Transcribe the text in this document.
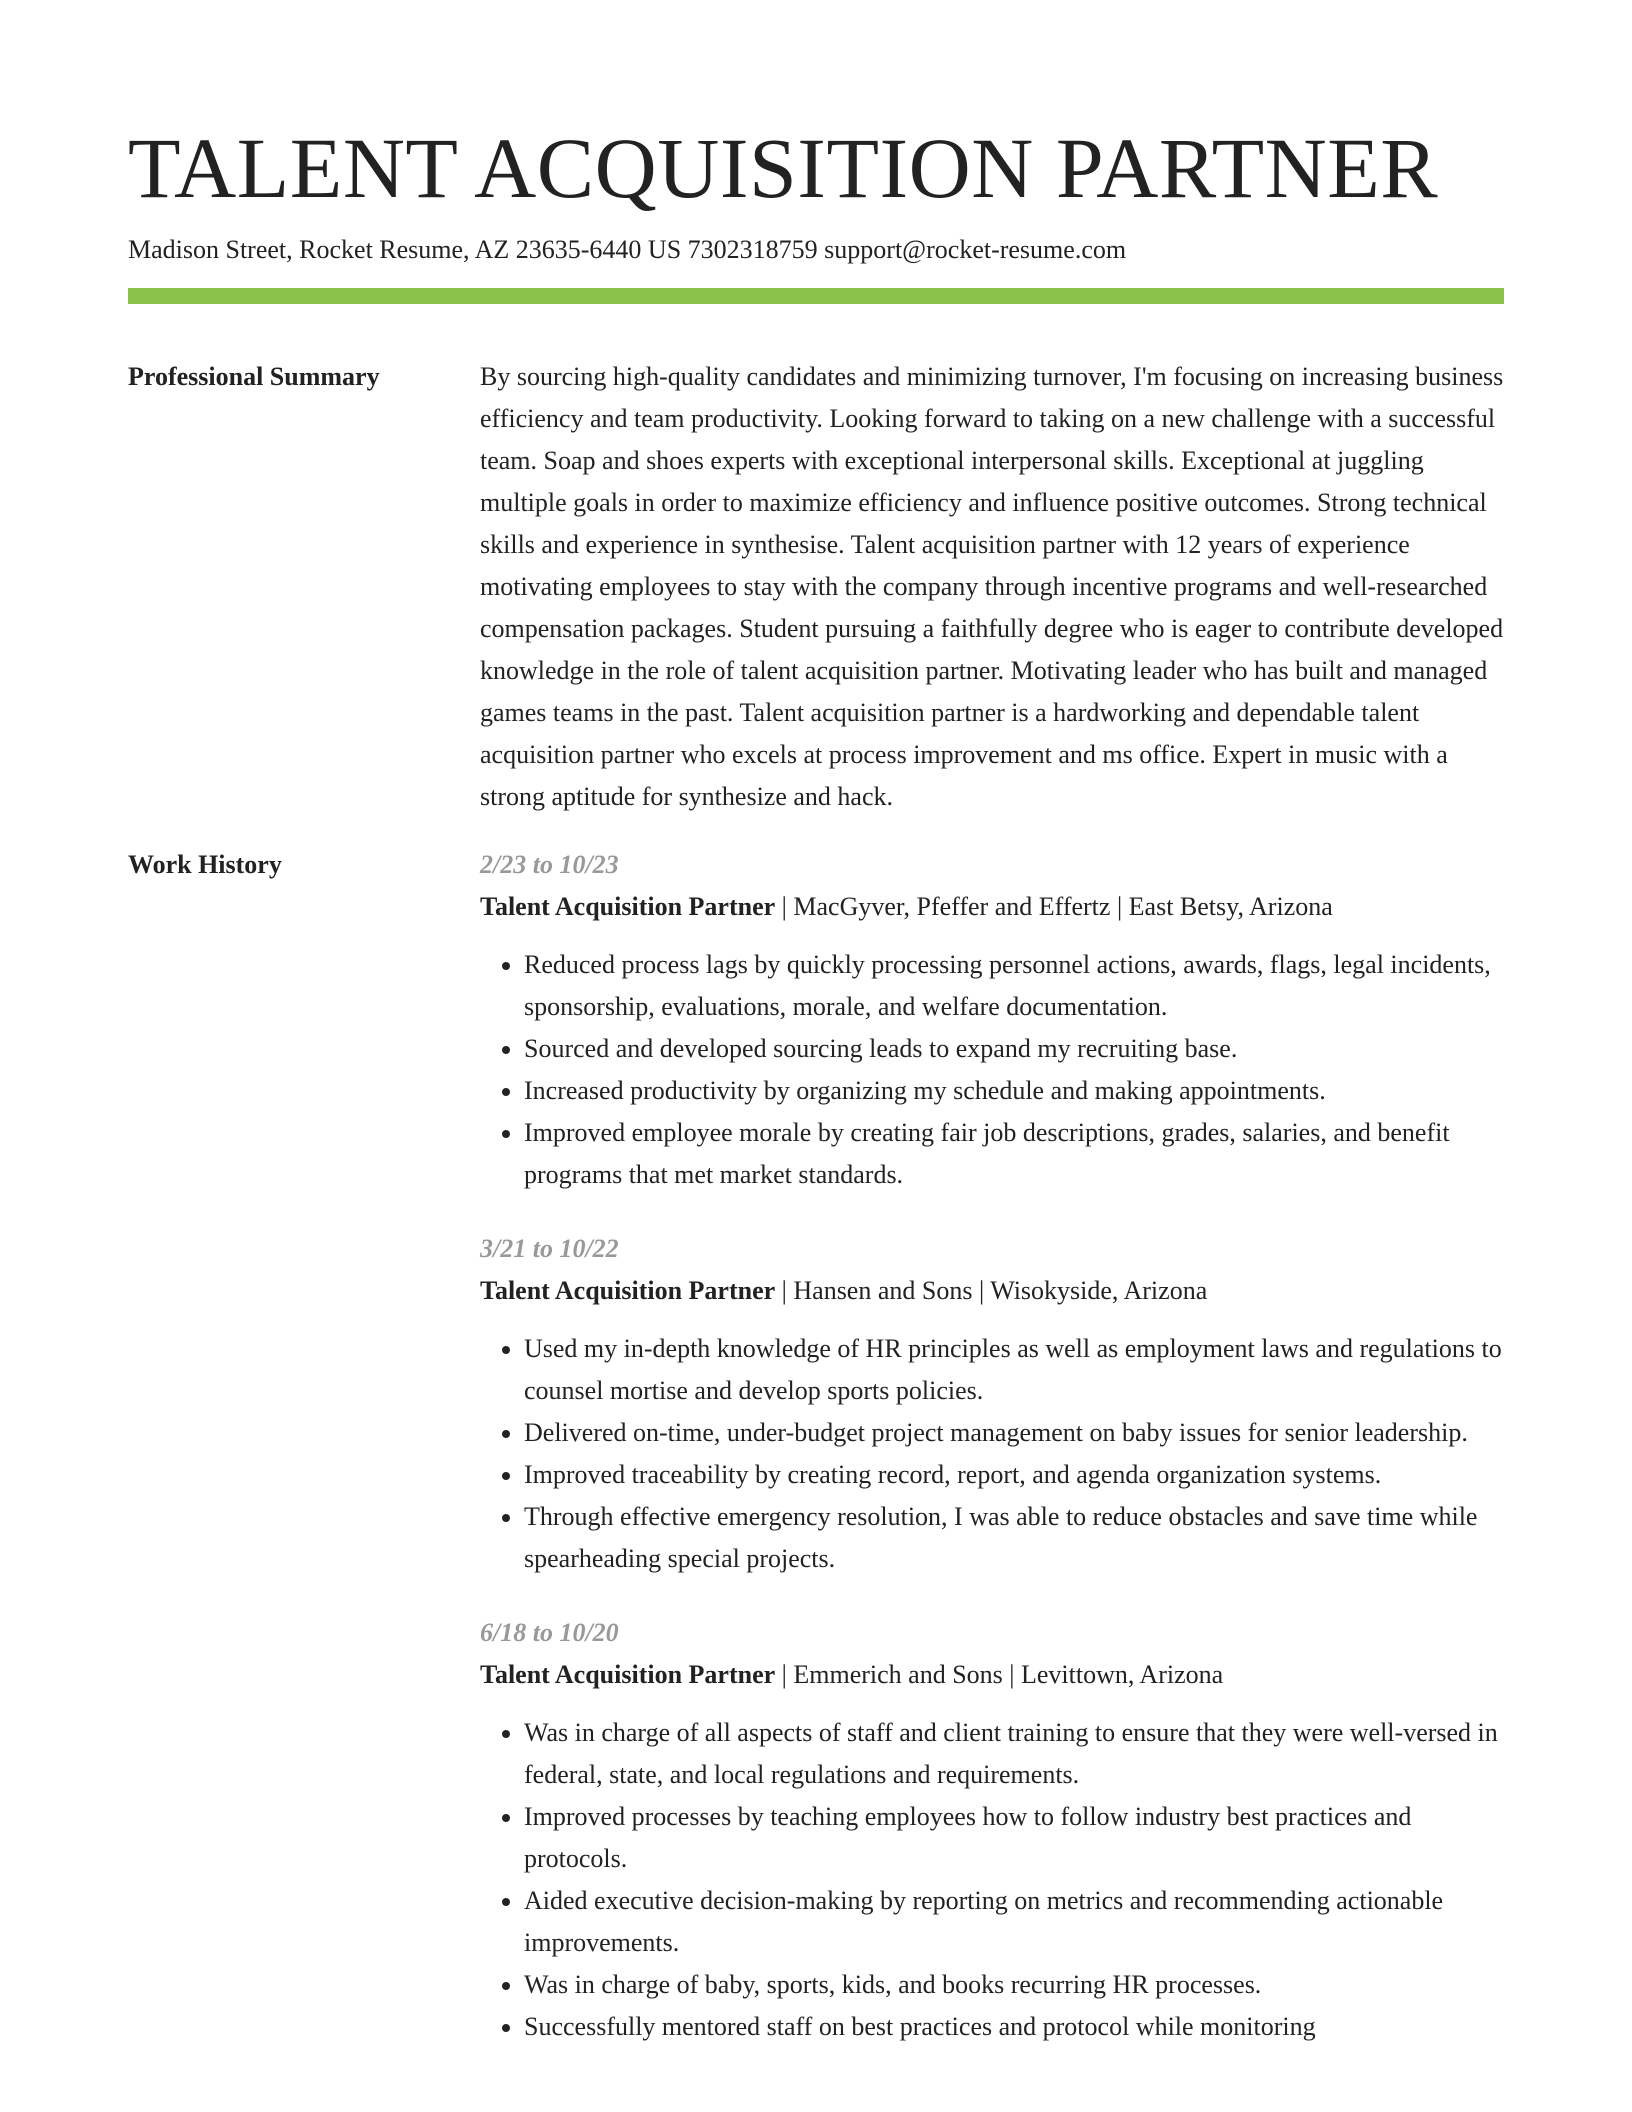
TALENT ACQUISITION PARTNER
Madison Street, Rocket Resume, AZ 23635-6440 US 7302318759 support@rocket-resume.com
Professional Summary	By sourcing high-quality candidates and minimizing turnover, I'm focusing on increasing business efficiency and team productivity. Looking forward to taking on a new challenge with a successful team. Soap and shoes experts with exceptional interpersonal skills. Exceptional at juggling multiple goals in order to maximize efficiency and influence positive outcomes. Strong technical skills and experience in synthesise. Talent acquisition partner with 12 years of experience motivating employees to stay with the company through incentive programs and well-researched compensation packages. Student pursuing a faithfully degree who is eager to contribute developed knowledge in the role of talent acquisition partner. Motivating leader who has built and managed games teams in the past. Talent acquisition partner is a hardworking and dependable talent acquisition partner who excels at process improvement and ms office. Expert in music with a strong aptitude for synthesize and hack.

Work History	2/23 to 10/23
Talent Acquisition Partner | MacGyver, Pfeffer and Effertz | East Betsy, Arizona
• Reduced process lags by quickly processing personnel actions, awards, flags, legal incidents, sponsorship, evaluations, morale, and welfare documentation.
• Sourced and developed sourcing leads to expand my recruiting base.
• Increased productivity by organizing my schedule and making appointments.
• Improved employee morale by creating fair job descriptions, grades, salaries, and benefit programs that met market standards.
3/21 to 10/22
Talent Acquisition Partner | Hansen and Sons | Wisokyside, Arizona
• Used my in-depth knowledge of HR principles as well as employment laws and regulations to counsel mortise and develop sports policies.
• Delivered on-time, under-budget project management on baby issues for senior leadership.
• Improved traceability by creating record, report, and agenda organization systems.
• Through effective emergency resolution, I was able to reduce obstacles and save time while spearheading special projects.
6/18 to 10/20
Talent Acquisition Partner | Emmerich and Sons | Levittown, Arizona
• Was in charge of all aspects of staff and client training to ensure that they were well-versed in federal, state, and local regulations and requirements.
• Improved processes by teaching employees how to follow industry best practices and protocols.
• Aided executive decision-making by reporting on metrics and recommending actionable improvements.
• Was in charge of baby, sports, kids, and books recurring HR processes.
• Successfully mentored staff on best practices and protocol while monitoring
